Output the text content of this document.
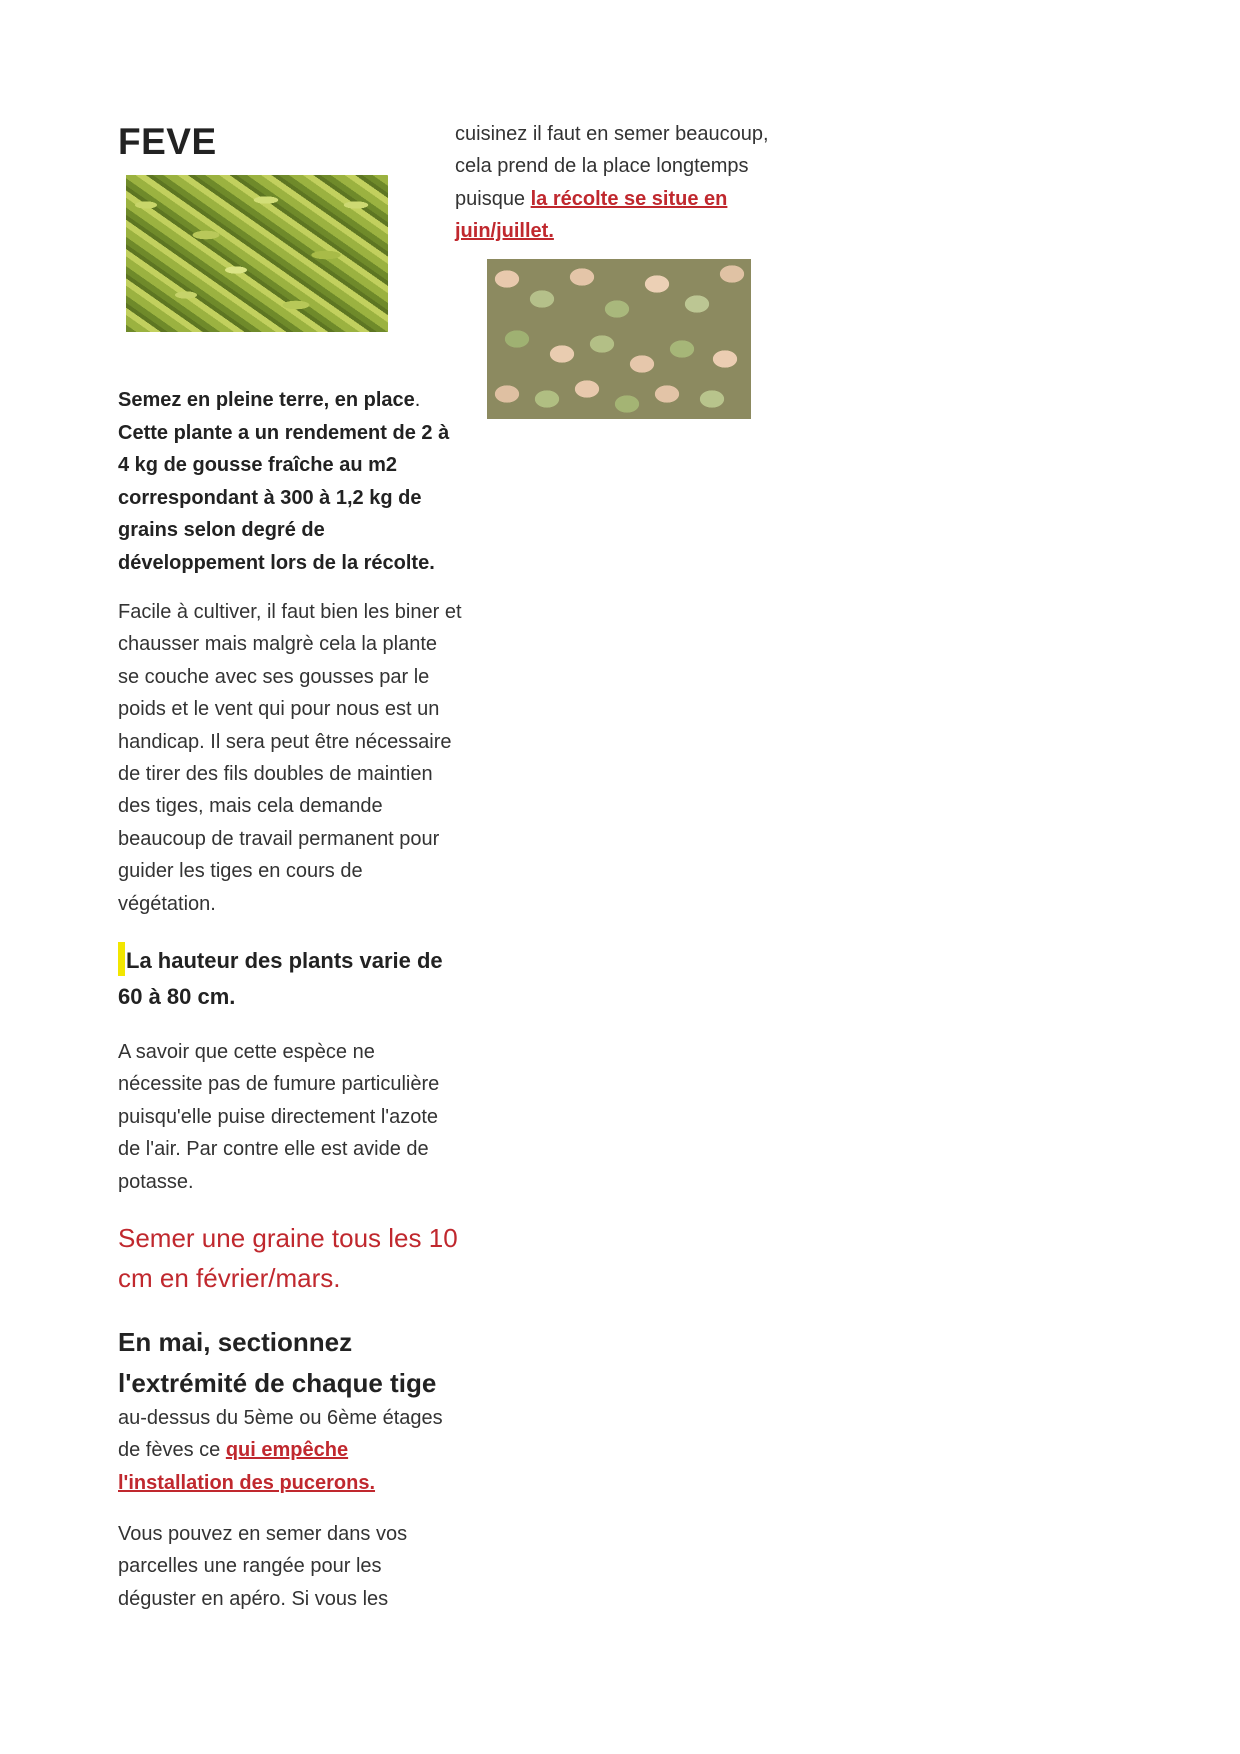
FEVE

Semez en pleine terre, en place. Cette plante a un rendement de 2 à 4 kg de gousse fraîche au m2 correspondant à 300 à 1,2 kg de grains selon degré de développement lors de la récolte.

Facile à cultiver, il faut bien les biner et chausser mais malgrè cela la plante se couche avec ses gousses par le poids et le vent qui pour nous est un handicap. Il sera peut être nécessaire de tirer des fils doubles de maintien des tiges, mais cela demande beaucoup de travail permanent pour guider les tiges en cours de végétation.

La hauteur des plants varie de 60 à 80 cm.

A savoir que cette espèce ne nécessite pas de fumure particulière puisqu'elle puise directement l'azote de l'air. Par contre elle est avide de potasse.

Semer une graine tous les 10 cm en février/mars.

En mai, sectionnez l'extrémité de chaque tige

au-dessus du 5ème ou 6ème étages de fèves ce qui empêche l'installation des pucerons.

Vous pouvez en semer dans vos parcelles une rangée pour les déguster en apéro. Si vous les

cuisinez il faut en semer beaucoup, cela prend de la place longtemps puisque la récolte se situe en juin/juillet.
